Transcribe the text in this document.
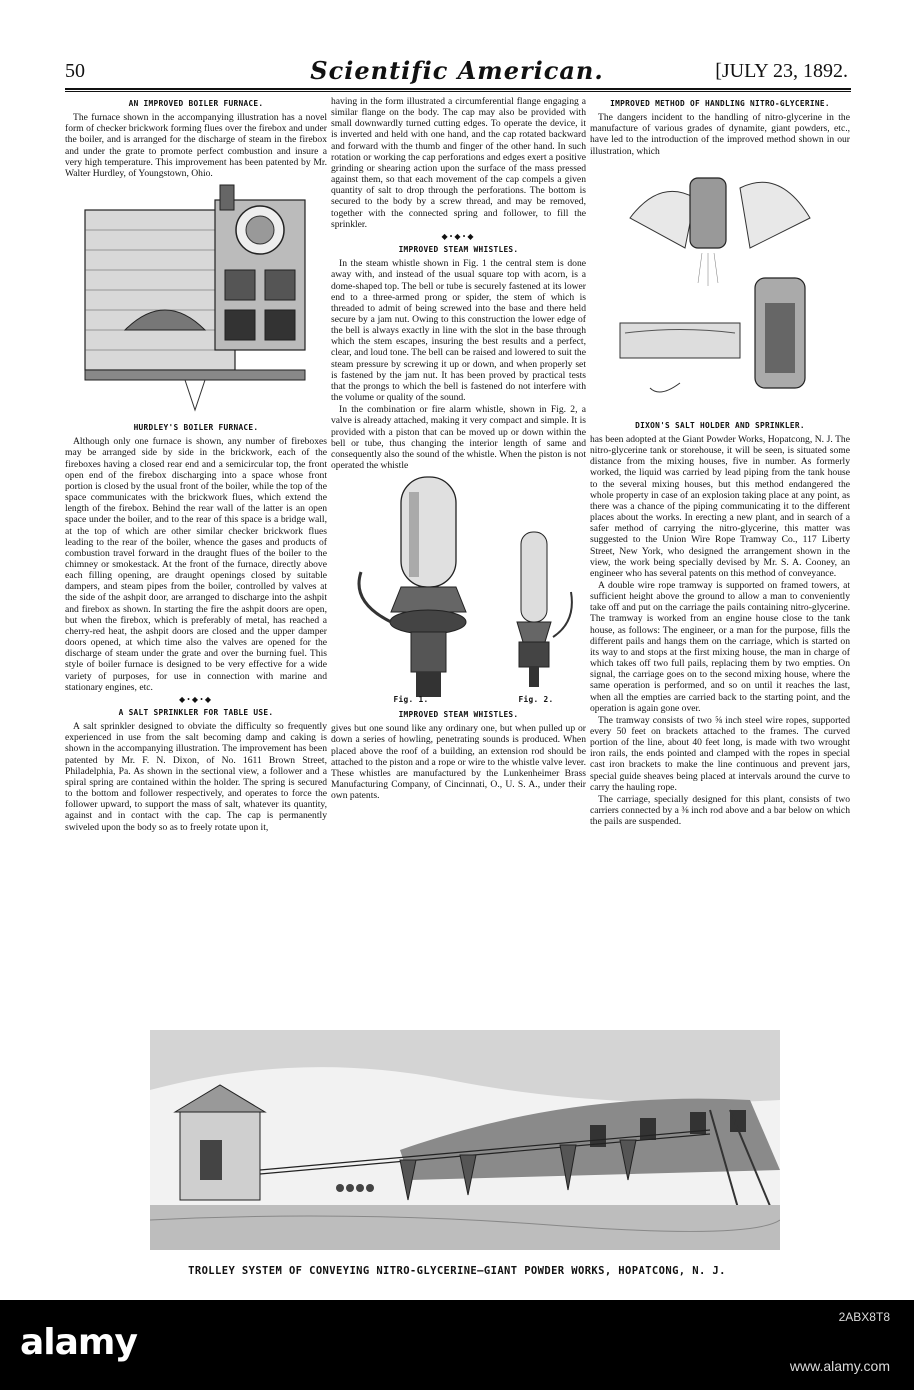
50	Scientific American.	[JULY 23, 1892.
AN IMPROVED BOILER FURNACE.

The furnace shown in the accompanying illustration has a novel form of checker brickwork forming flues over the firebox and under the boiler, and is arranged for the discharge of steam in the firebox and under the grate to promote perfect combustion and insure a very high temperature. This improvement has been patented by Mr. Walter Hurdley, of Youngstown, Ohio.

HURDLEY'S BOILER FURNACE.

Although only one furnace is shown, any number of fireboxes may be arranged side by side in the brickwork, each of the fireboxes having a closed rear end and a semicircular top, the front open end of the firebox discharging into a space whose front portion is closed by the usual front of the boiler, while the top of the space communicates with the brickwork flues, which extend the length of the firebox. Behind the rear wall of the latter is an open space under the boiler, and to the rear of this space is a bridge wall, at the top of which are other similar checker brickwork flues leading to the rear of the boiler, whence the gases and products of combustion travel forward in the draught flues of the boiler to the chimney or smokestack. At the front of the furnace, directly above each filling opening, are draught openings closed by suitable dampers, and steam pipes from the boiler, controlled by valves at the side of the ashpit door, are arranged to discharge into the ashpit and firebox as shown. In starting the fire the ashpit doors are open, but when the firebox, which is preferably of metal, has reached a cherry-red heat, the ashpit doors are closed and the upper damper doors opened, at which time also the valves are opened for the discharge of steam under the grate and over the burning fuel. This style of boiler furnace is designed to be very effective for a wide variety of purposes, for use in connection with marine and stationary engines, etc.

◆•◆•◆
A SALT SPRINKLER FOR TABLE USE.

A salt sprinkler designed to obviate the difficulty so frequently experienced in use from the salt becoming damp and caking is shown in the accompanying illustration. The improvement has been patented by Mr. F. N. Dixon, of No. 1611 Brown Street, Philadelphia, Pa. As shown in the sectional view, a follower and a spiral spring are contained within the holder. The spring is secured to the bottom and follower respectively, and operates to force the follower upward, to support the mass of salt, whatever its quantity, against and in contact with the cap. The cap is permanently swiveled upon the body so as to freely rotate upon it,

having in the form illustrated a circumferential flange engaging a similar flange on the body. The cap may also be provided with small downwardly turned cutting edges. To operate the device, it is inverted and held with one hand, and the cap rotated backward and forward with the thumb and finger of the other hand. In such rotation or working the cap perforations and edges exert a positive grinding or shearing action upon the surface of the mass pressed against them, so that each movement of the cap compels a given quantity of salt to drop through the perforations. The bottom is secured to the body by a screw thread, and may be removed, together with the connected spring and follower, to fill the sprinkler.

◆•◆•◆
IMPROVED STEAM WHISTLES.

In the steam whistle shown in Fig. 1 the central stem is done away with, and instead of the usual square top with acorn, is a dome-shaped top. The bell or tube is securely fastened at its lower end to a three-armed prong or spider, the stem of which is threaded to admit of being screwed into the base and there held secure by a jam nut. Owing to this construction the lower edge of the bell is always exactly in line with the slot in the base through which the stem escapes, insuring the best results and a perfect, clear, and loud tone. The bell can be raised and lowered to suit the steam pressure by screwing it up or down, and when properly set is fastened by the jam nut. It has been proved by practical tests that the prongs to which the bell is fastened do not interfere with the volume or quality of the sound.

In the combination or fire alarm whistle, shown in Fig. 2, a valve is already attached, making it very compact and simple. It is provided with a piston that can be moved up or down within the bell or tube, thus changing the interior length of same and consequently also the sound of the whistle. When the piston is not operated the whistle

Fig. 1.	Fig. 2.
IMPROVED STEAM WHISTLES.

gives but one sound like any ordinary one, but when pulled up or down a series of howling, penetrating sounds is produced. When placed above the roof of a building, an extension rod should be attached to the piston and a rope or wire to the whistle valve lever. These whistles are manufactured by the Lunkenheimer Brass Manufacturing Company, of Cincinnati, O., U. S. A., under their own patents.

IMPROVED METHOD OF HANDLING NITRO-GLYCERINE.

The dangers incident to the handling of nitro-glycerine in the manufacture of various grades of dynamite, giant powders, etc., have led to the introduction of the improved method shown in our illustration, which

DIXON'S SALT HOLDER AND SPRINKLER.

has been adopted at the Giant Powder Works, Hopatcong, N. J. The nitro-glycerine tank or storehouse, it will be seen, is situated some distance from the mixing houses, five in number. As formerly worked, the liquid was carried by lead piping from the tank house to the several mixing houses, but this method endangered the whole property in case of an explosion taking place at any point, as there was a chance of the piping communicating it to the different places about the works. In erecting a new plant, and in search of a safer method of carrying the nitro-glycerine, this matter was suggested to the Union Wire Rope Tramway Co., 117 Liberty Street, New York, who designed the arrangement shown in the view, the work being specially devised by Mr. S. A. Cooney, an engineer who has several patents on this method of conveyance.

A double wire rope tramway is supported on framed towers, at sufficient height above the ground to allow a man to conveniently take off and put on the carriage the pails containing nitro-glycerine. The tramway is worked from an engine house close to the tank house, as follows: The engineer, or a man for the purpose, fills the different pails and hangs them on the carriage, which is started on its way to and stops at the first mixing house, the man in charge of which takes off two full pails, replacing them by two empties. On signal, the carriage goes on to the second mixing house, where the same operation is performed, and so on until it reaches the last, when all the empties are carried back to the starting point, and the operation is again gone over.

The tramway consists of two ⅝ inch steel wire ropes, supported every 50 feet on brackets attached to the frames. The curved portion of the line, about 40 feet long, is made with two wrought iron rails, the ends pointed and clamped with the ropes in special cast iron brackets to make the line continuous and prevent jars, special guide sheaves being placed at intervals around the curve to carry the hauling rope.

The carriage, specially designed for this plant, consists of two carriers connected by a ⅜ inch rod above and a bar below on which the pails are suspended.

TROLLEY SYSTEM OF CONVEYING NITRO-GLYCERINE—GIANT POWDER WORKS, HOPATCONG, N. J.
alamy
2ABX8T8
www.alamy.com
